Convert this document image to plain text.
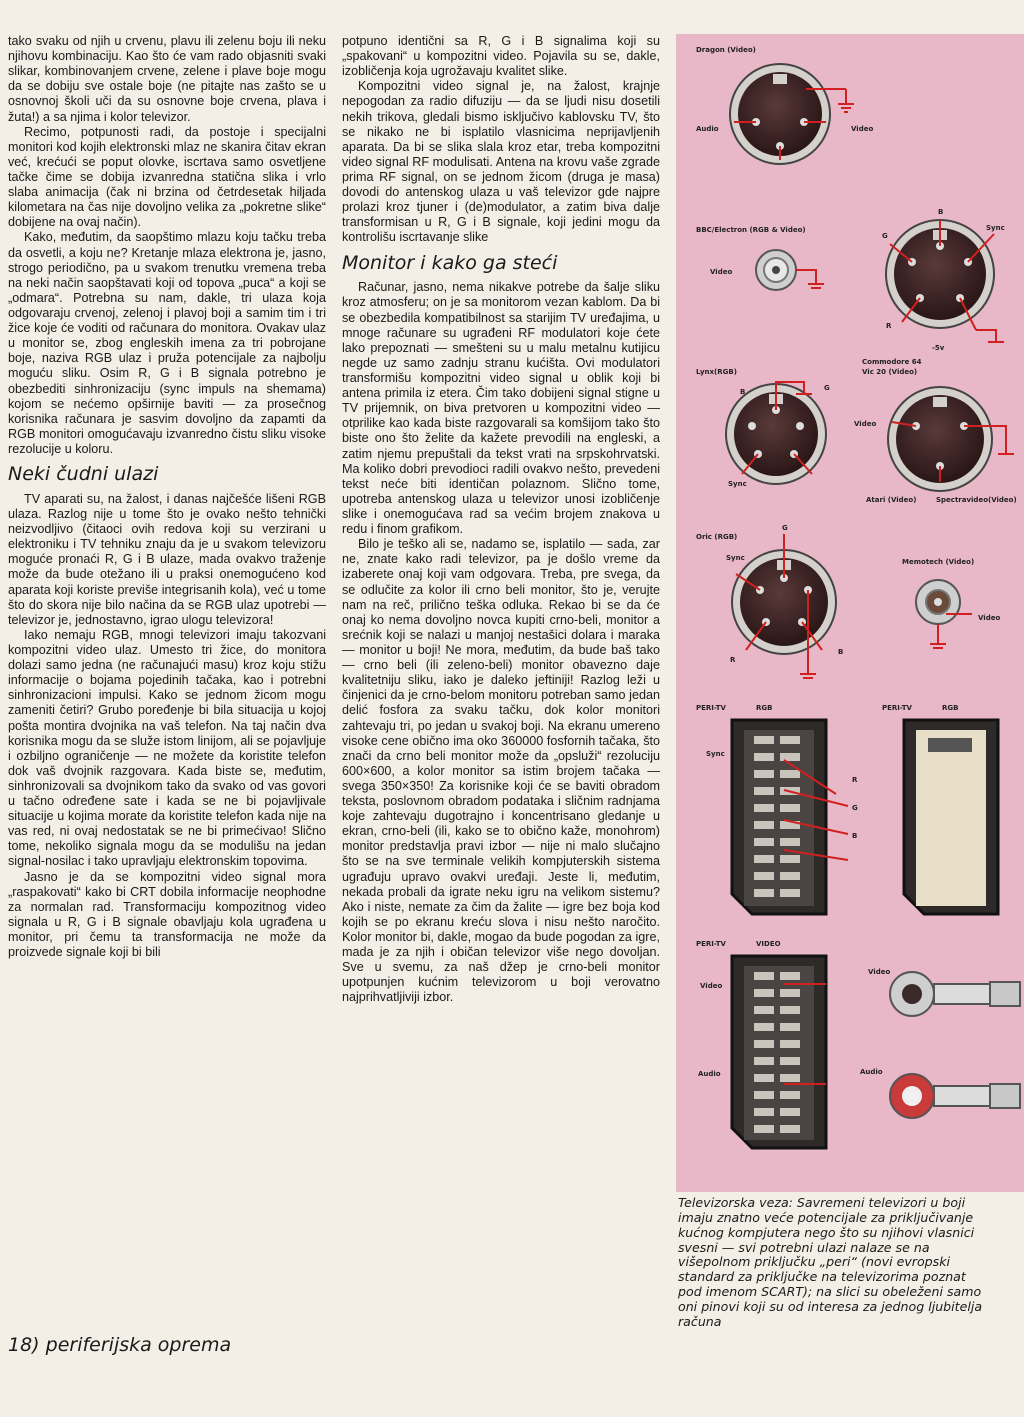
tako svaku od njih u crvenu, plavu ili zelenu boju ili neku njihovu kombinaciju. Kao što će vam rado objasniti svaki slikar, kombinovanjem crvene, zelene i plave boje mogu da se dobiju sve ostale boje (ne pitajte nas zašto se u osnovnoj školi uči da su osnovne boje crvena, plava i žuta!) a sa njima i kolor televizor.

Recimo, potpunosti radi, da postoje i specijalni monitori kod kojih elektronski mlaz ne skanira čitav ekran već, krećući se poput olovke, iscrtava samo osvetljene tačke čime se dobija izvanredna statična slika i vrlo slaba animacija (čak ni brzina od četrdesetak hiljada kilometara na čas nije dovoljno velika za „pokretne slike“ dobijene na ovaj način).

Kako, međutim, da saopštimo mlazu koju tačku treba da osvetli, a koju ne? Kretanje mlaza elektrona je, jasno, strogo periodično, pa u svakom trenutku vremena treba na neki način saopštavati koji od topova „puca“ a koji se „odmara“. Potrebna su nam, dakle, tri ulaza koja odgovaraju crvenoj, zelenoj i plavoj boji a samim tim i tri žice koje će voditi od računara do monitora. Ovakav ulaz u monitor se, zbog engleskih imena za tri pobrojane boje, naziva RGB ulaz i pruža potencijale za najbolju moguću sliku. Osim R, G i B signala potrebno je obezbediti sinhronizaciju (sync impuls na shemama) kojom se nećemo opširnije baviti — za prosečnog korisnika računara je sasvim dovoljno da zapamti da RGB monitori omogućavaju izvanredno čistu sliku visoke rezolucije u koloru.

Neki čudni ulazi

TV aparati su, na žalost, i danas najčešće lišeni RGB ulaza. Razlog nije u tome što je ovako nešto tehnički neizvodljivo (čitaoci ovih redova koji su verzirani u elektroniku i TV tehniku znaju da je u svakom televizoru moguće pronaći R, G i B ulaze, mada ovakvo traženje može da bude otežano ili u praksi onemogućeno kod aparata koji koriste previše integrisanih kola), već u tome što do skora nije bilo načina da se RGB ulaz upotrebi — televizor je, jednostavno, igrao ulogu televizora!

Iako nemaju RGB, mnogi televizori imaju takozvani kompozitni video ulaz. Umesto tri žice, do monitora dolazi samo jedna (ne računajući masu) kroz koju stižu informacije o bojama pojedinih tačaka, kao i potrebni sinhronizacioni impulsi. Kako se jednom žicom mogu zameniti četiri? Grubo poređenje bi bila situacija u kojoj pošta montira dvojnika na vaš telefon. Na taj način dva korisnika mogu da se služe istom linijom, ali se pojavljuje i ozbiljno ograničenje — ne možete da koristite telefon dok vaš dvojnik razgovara. Kada biste se, međutim, sinhronizovali sa dvojnikom tako da svako od vas govori u tačno određene sate i kada se ne bi pojavljivale situacije u kojima morate da koristite telefon kada nije na vas red, ni ovaj nedostatak se ne bi primećivao! Slično tome, nekoliko signala mogu da se modulišu na jedan signal-nosilac i tako upravljaju elektronskim topovima.

Jasno je da se kompozitni video signal mora „raspakovati“ kako bi CRT dobila informacije neophodne za normalan rad. Transformaciju kompozitnog video signala u R, G i B signale obavljaju kola ugrađena u monitor, pri čemu ta transformacija ne može da proizvede signale koji bi bili

potpuno identični sa R, G i B signalima koji su „spakovani“ u kompozitni video. Pojavila su se, dakle, izobličenja koja ugrožavaju kvalitet slike.

Kompozitni video signal je, na žalost, krajnje nepogodan za radio difuziju — da se ljudi nisu dosetili nekih trikova, gledali bismo isključivo kablovsku TV, što se nikako ne bi isplatilo vlasnicima neprijavljenih aparata. Da bi se slika slala kroz etar, treba kompozitni video signal RF modulisati. Antena na krovu vaše zgrade prima RF signal, on se jednom žicom (druga je masa) dovodi do antenskog ulaza u vaš televizor gde najpre prolazi kroz tjuner i (de)modulator, a zatim biva dalje transformisan u R, G i B signale, koji jedini mogu da kontrolišu iscrtavanje slike

Monitor i kako ga steći

Računar, jasno, nema nikakve potrebe da šalje sliku kroz atmosferu; on je sa monitorom vezan kablom. Da bi se obezbedila kompatibilnost sa starijim TV uređajima, u mnoge računare su ugrađeni RF modulatori koje ćete lako prepoznati — smešteni su u malu metalnu kutijicu negde uz samo zadnju stranu kućišta. Ovi modulatori transformišu kompozitni video signal u oblik koji bi antena primila iz etera. Čim tako dobijeni signal stigne u TV prijemnik, on biva pretvoren u kompozitni video — otprilike kao kada biste razgovarali sa komšijom tako što biste ono što želite da kažete prevodili na engleski, a zatim njemu prepuštali da tekst vrati na srpskohrvatski. Ma koliko dobri prevodioci radili ovakvo nešto, prevedeni tekst neće biti identičan polaznom. Slično tome, upotreba antenskog ulaza u televizor unosi izobličenje slike i onemogućava rad sa većim brojem znakova u redu i finom grafikom.

Bilo je teško ali se, nadamo se, isplatilo — sada, zar ne, znate kako radi televizor, pa je došlo vreme da izaberete onaj koji vam odgovara. Treba, pre svega, da se odlučite za kolor ili crno beli monitor, što je, verujte nam na reč, prilično teška odluka. Rekao bi se da će onaj ko nema dovoljno novca kupiti crno-beli, monitor a srećnik koji se nalazi u manjoj nestašici dolara i maraka — monitor u boji! Ne mora, međutim, da bude baš tako — crno beli (ili zeleno-beli) monitor obavezno daje kvalitetniju sliku, iako je daleko jeftiniji! Razlog leži u činjenici da je crno-belom monitoru potreban samo jedan delić fosfora za svaku tačku, dok kolor monitori zahtevaju tri, po jedan u svakoj boji. Na ekranu umereno visoke cene obično ima oko 360000 fosfornih tačaka, što znači da crno beli monitor može da „opsluži“ rezoluciju 600×600, a kolor monitor sa istim brojem tačaka — svega 350×350! Za korisnike koji će se baviti obradom teksta, poslovnom obradom podataka i sličnim radnjama koje zahtevaju dugotrajno i koncentrisano gledanje u ekran, crno-beli (ili, kako se to obično kaže, monohrom) monitor predstavlja pravi izbor — nije ni malo slučajno što se na sve terminale velikih kompjuterskih sistema ugrađuju upravo ovakvi uređaji. Jeste li, međutim, nekada probali da igrate neku igru na velikom sistemu? Ako i niste, nemate za čim da žalite — igre bez boja kod kojih se po ekranu kreću slova i nisu nešto naročito. Kolor monitor bi, dakle, mogao da bude pogodan za igre, mada je za njih i običan televizor više nego dovoljan. Sve u svemu, za naš džep je crno-beli monitor upotpunjen kućnim televizorom u boji verovatno najprihvatljiviji izbor.

18) periferijska oprema

Dragon (Video)
Audio	Video
BBC/Electron (RGB & Video)
Video
B
G
Sync
R
-5v
Lynx(RGB)
B	G
Sync
Commodore 64
Vic 20 (Video)
Video
Atari (Video)	Spectravideo(Video)
Oric (RGB)
G
Sync
R
B
Memotech (Video)
Video
PERI-TV	RGB
Sync
R
G
B
PERI-TV	RGB
PERI-TV	VIDEO
Video
Audio
Video
Audio

Televizorska veza: Savremeni televizori u boji imaju znatno veće potencijale za priključivanje kućnog kompjutera nego što su njihovi vlasnici svesni — svi potrebni ulazi nalaze se na višepolnom priključku „peri“ (novi evropski standard za priključke na televizorima poznat pod imenom SCART); na slici su obeleženi samo oni pinovi koji su od interesa za jednog ljubitelja računa
